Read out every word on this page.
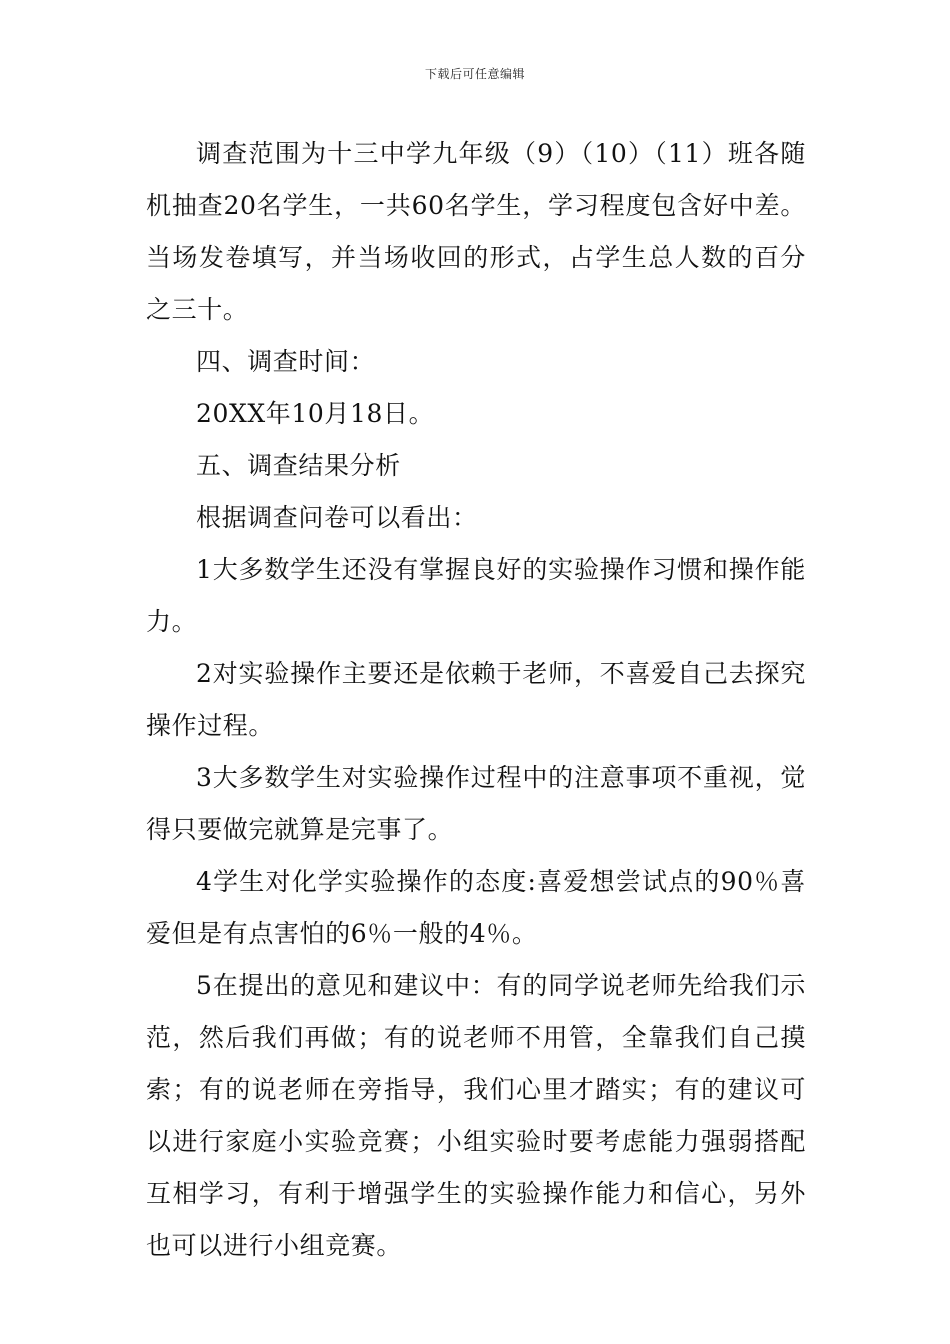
下载后可任意编辑

调查范围为十三中学九年级（9）（10）（11）班各随机抽查20名学生，一共60名学生，学习程度包含好中差。当场发卷填写，并当场收回的形式，占学生总人数的百分之三十。

四、调查时间：

20XX年10月18日。

五、调查结果分析

根据调查问卷可以看出：

1大多数学生还没有掌握良好的实验操作习惯和操作能力。

2对实验操作主要还是依赖于老师，不喜爱自己去探究操作过程。

3大多数学生对实验操作过程中的注意事项不重视，觉得只要做完就算是完事了。

4学生对化学实验操作的态度:喜爱想尝试点的90％喜爱但是有点害怕的6％一般的4％。

5在提出的意见和建议中：有的同学说老师先给我们示范，然后我们再做；有的说老师不用管，全靠我们自己摸索；有的说老师在旁指导，我们心里才踏实；有的建议可以进行家庭小实验竞赛；小组实验时要考虑能力强弱搭配互相学习，有利于增强学生的实验操作能力和信心，另外也可以进行小组竞赛。
